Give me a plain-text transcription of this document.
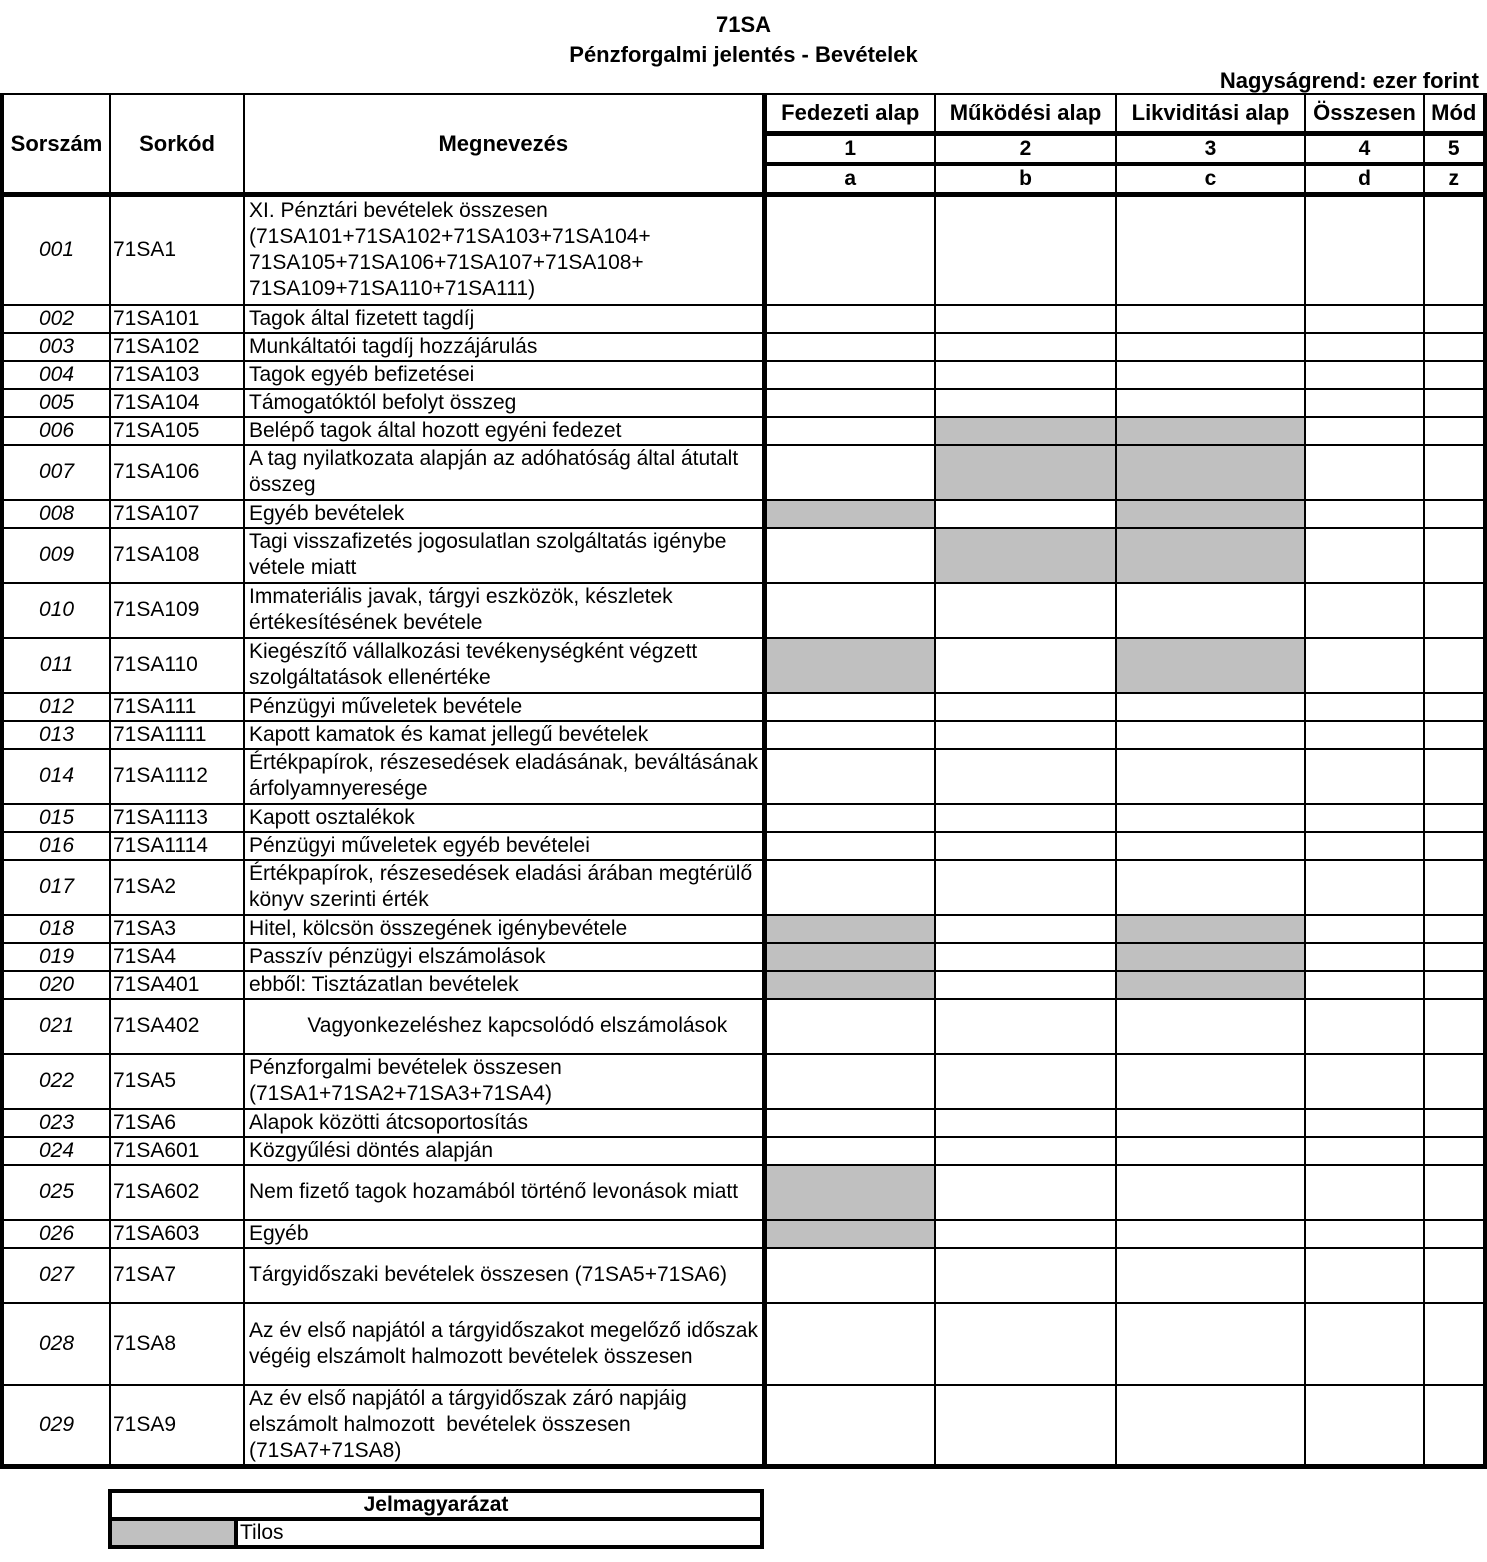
71SA
Pénzforgalmi jelentés - Bevételek
Nagyságrend: ezer forint
Sorszám	Sorkód	Megnevezés	Fedezeti alap	Működési alap	Likviditási alap	Összesen	Mód
			1	2	3	4	5
			a	b	c	d	z
001	71SA1	XI. Pénztári bevételek összesen (71SA101+71SA102+71SA103+71SA104+ 71SA105+71SA106+71SA107+71SA108+ 71SA109+71SA110+71SA111)					
002	71SA101	Tagok által fizetett tagdíj					
003	71SA102	Munkáltatói tagdíj hozzájárulás					
004	71SA103	Tagok egyéb befizetései					
005	71SA104	Támogatóktól befolyt összeg					
006	71SA105	Belépő tagok által hozott egyéni fedezet					
007	71SA106	A tag nyilatkozata alapján az adóhatóság által átutalt összeg					
008	71SA107	Egyéb bevételek					
009	71SA108	Tagi visszafizetés jogosulatlan szolgáltatás igénybe vétele miatt					
010	71SA109	Immateriális javak, tárgyi eszközök, készletek értékesítésének bevétele					
011	71SA110	Kiegészítő vállalkozási tevékenységként végzett szolgáltatások ellenértéke					
012	71SA111	Pénzügyi műveletek bevétele					
013	71SA1111	Kapott kamatok és kamat jellegű bevételek					
014	71SA1112	Értékpapírok, részesedések eladásának, beváltásának árfolyamnyeresége					
015	71SA1113	Kapott osztalékok					
016	71SA1114	Pénzügyi műveletek egyéb bevételei					
017	71SA2	Értékpapírok, részesedések eladási árában megtérülő könyv szerinti érték					
018	71SA3	Hitel, kölcsön összegének igénybevétele					
019	71SA4	Passzív pénzügyi elszámolások					
020	71SA401	ebből: Tisztázatlan bevételek					
021	71SA402	Vagyonkezeléshez kapcsolódó elszámolások					
022	71SA5	Pénzforgalmi bevételek összesen (71SA1+71SA2+71SA3+71SA4)					
023	71SA6	Alapok közötti átcsoportosítás					
024	71SA601	Közgyűlési döntés alapján					
025	71SA602	Nem fizető tagok hozamából történő levonások miatt					
026	71SA603	Egyéb					
027	71SA7	Tárgyidőszaki bevételek összesen (71SA5+71SA6)					
028	71SA8	Az év első napjától a tárgyidőszakot megelőző időszak végéig elszámolt halmozott bevételek összesen					
029	71SA9	Az év első napjától a tárgyidőszak záró napjáig elszámolt halmozott  bevételek összesen (71SA7+71SA8)					
Jelmagyarázat
	Tilos
